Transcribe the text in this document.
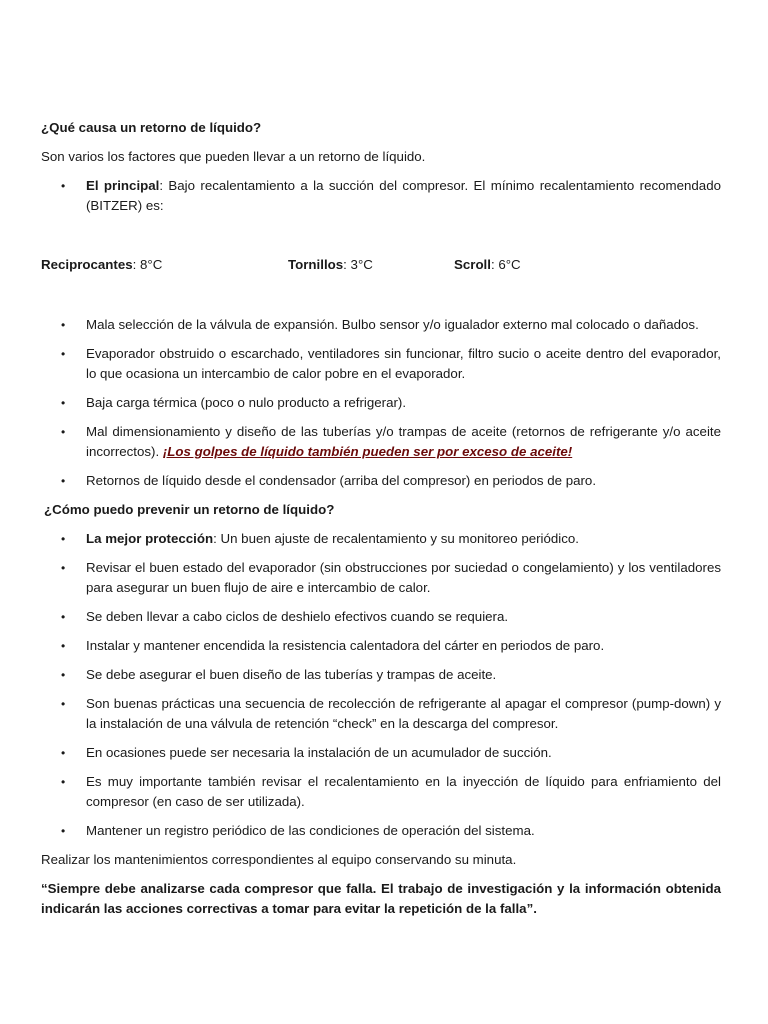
¿Qué causa un retorno de líquido?

Son varios los factores que pueden llevar a un retorno de líquido.

• El principal: Bajo recalentamiento a la succión del compresor. El mínimo recalentamiento recomendado (BITZER) es:
Reciprocantes: 8°C	Tornillos: 3°C	Scroll: 6°C
• Mala selección de la válvula de expansión. Bulbo sensor y/o igualador externo mal colocado o dañados.
• Evaporador obstruido o escarchado, ventiladores sin funcionar, filtro sucio o aceite dentro del evaporador, lo que ocasiona un intercambio de calor pobre en el evaporador.
• Baja carga térmica (poco o nulo producto a refrigerar).
• Mal dimensionamiento y diseño de las tuberías y/o trampas de aceite (retornos de refrigerante y/o aceite incorrectos). ¡Los golpes de líquido también pueden ser por exceso de aceite!
• Retornos de líquido desde el condensador (arriba del compresor) en periodos de paro.

¿Cómo puedo prevenir un retorno de líquido?

• La mejor protección: Un buen ajuste de recalentamiento y su monitoreo periódico.
• Revisar el buen estado del evaporador (sin obstrucciones por suciedad o congelamiento) y los ventiladores para asegurar un buen flujo de aire e intercambio de calor.
• Se deben llevar a cabo ciclos de deshielo efectivos cuando se requiera.
• Instalar y mantener encendida la resistencia calentadora del cárter en periodos de paro.
• Se debe asegurar el buen diseño de las tuberías y trampas de aceite.
• Son buenas prácticas una secuencia de recolección de refrigerante al apagar el compresor (pump-down) y la instalación de una válvula de retención “check” en la descarga del compresor.
• En ocasiones puede ser necesaria la instalación de un acumulador de succión.
• Es muy importante también revisar el recalentamiento en la inyección de líquido para enfriamiento del compresor (en caso de ser utilizada).
• Mantener un registro periódico de las condiciones de operación del sistema.

Realizar los mantenimientos correspondientes al equipo conservando su minuta.

“Siempre debe analizarse cada compresor que falla. El trabajo de investigación y la información obtenida indicarán las acciones correctivas a tomar para evitar la repetición de la falla”.
